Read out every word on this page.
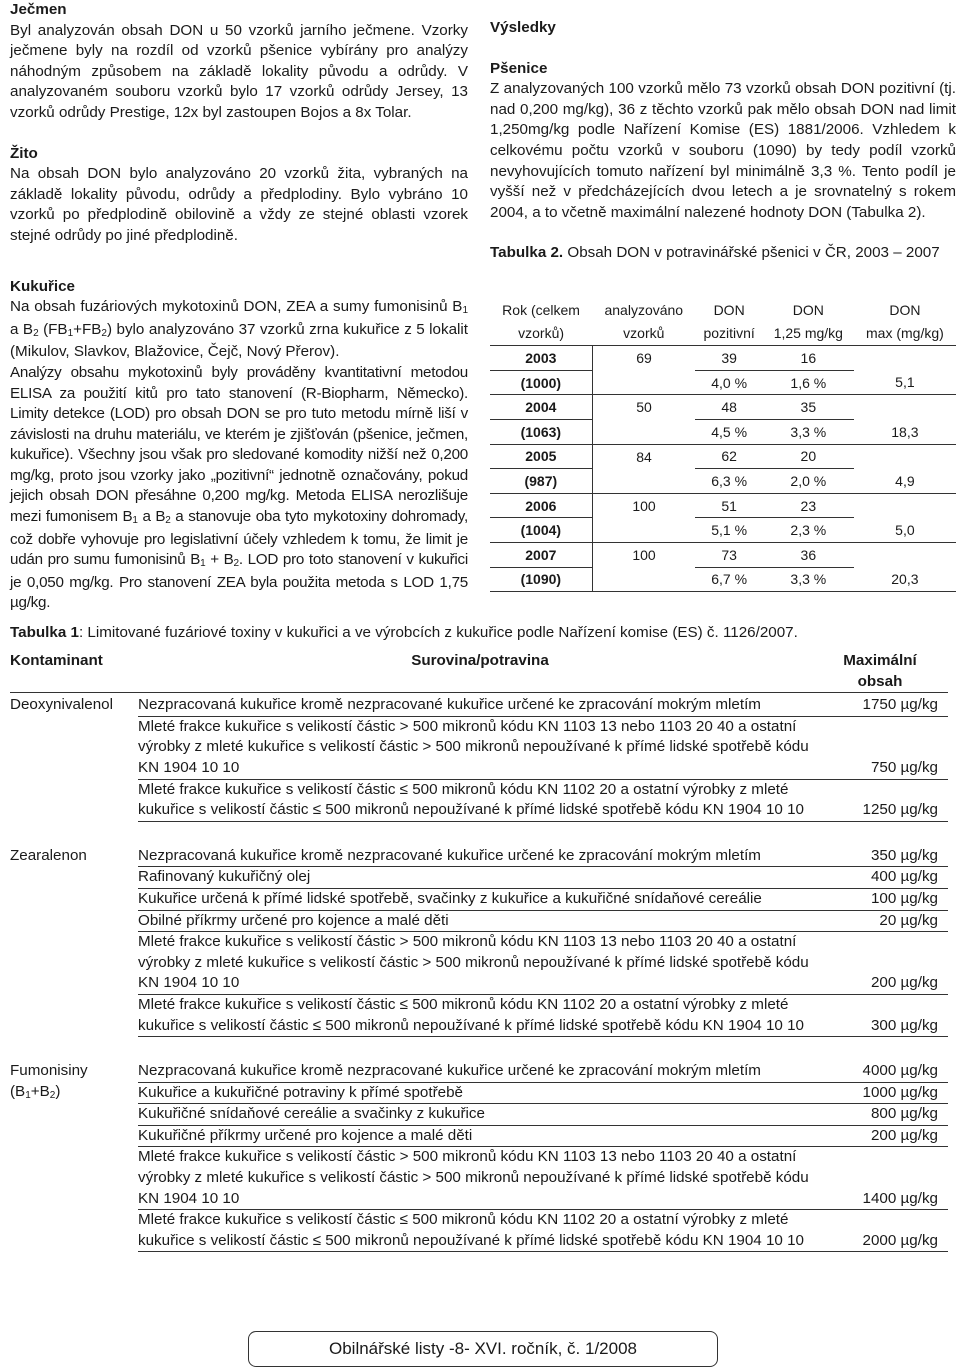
Ječmen

Byl analyzován obsah DON u 50 vzorků jarního ječmene. Vzorky ječmene byly na rozdíl od vzorků pšenice vybírány pro analýzy náhodným způsobem na základě lokality původu a odrůdy. V analyzovaném souboru vzorků bylo 17 vzorků odrůdy Jersey, 13 vzorků odrůdy Prestige, 12x byl zastoupen Bojos a 8x Tolar.

Žito

Na obsah DON bylo analyzováno 20 vzorků žita, vybraných na základě lokality původu, odrůdy a předplodiny. Bylo vybráno 10 vzorků po předplodině obilovině a vždy ze stejné oblasti vzorek stejné odrůdy po jiné předplodině.

Kukuřice

Na obsah fuzáriových mykotoxinů DON, ZEA a sumy fumonisinů B1 a B2 (FB1+FB2) bylo analyzováno 37 vzorků zrna kukuřice z 5 lokalit (Mikulov, Slavkov, Blažovice, Čejč, Nový Přerov).

Analýzy obsahu mykotoxinů byly prováděny kvantitativní metodou ELISA za použití kitů pro tato stanovení (R-Biopharm, Německo). Limity detekce (LOD) pro obsah DON se pro tuto metodu mírně liší v závislosti na druhu materiálu, ve kterém je zjišťován (pšenice, ječmen, kukuřice). Všechny jsou však pro sledované komodity nižší než 0,200 mg/kg, proto jsou vzorky jako „pozitivní“ jednotně označovány, pokud jejich obsah DON přesáhne 0,200 mg/kg. Metoda ELISA nerozlišuje mezi fumonisem B1 a B2 a stanovuje oba tyto mykotoxiny dohromady, což dobře vyhovuje pro legislativní účely vzhledem k tomu, že limit je udán pro sumu fumonisinů B1 + B2. LOD pro toto stanovení v kukuřici je 0,050 mg/kg. Pro stanovení ZEA byla použita metoda s LOD 1,75 µg/kg.

Výsledky

Pšenice

Z analyzovaných 100 vzorků mělo 73 vzorků obsah DON pozitivní (tj. nad 0,200 mg/kg), 36 z těchto vzorků pak mělo obsah DON nad limit 1,250mg/kg podle Nařízení Komise (ES) 1881/2006. Vzhledem k celkovému počtu vzorků v souboru (1090) by tedy podíl vzorků nevyhovujících tomuto nařízení byl minimálně 3,3 %. Tento podíl je vyšší než v předcházejících dvou letech a je srovnatelný s rokem 2004, a to včetně maximální nalezené hodnoty DON (Tabulka 2).

Tabulka 2. Obsah DON v potravinářské pšenici v ČR, 2003 – 2007

Rok (celkem	analyzováno	DON	DON	DON
vzorků)	vzorků	pozitivní	1,25 mg/kg	max (mg/kg)
2003	69	39	16	
(1000)		4,0 %	1,6 %	5,1
2004	50	48	35	
(1063)		4,5 %	3,3 %	18,3
2005	84	62	20	
(987)		6,3 %	2,0 %	4,9
2006	100	51	23	
(1004)		5,1 %	2,3 %	5,0
2007	100	73	36	
(1090)		6,7 %	3,3 %	20,3
Tabulka 1: Limitované fuzáriové toxiny v kukuřici a ve výrobcích z kukuřice podle Nařízení komise (ES) č. 1126/2007.
Kontaminant	Surovina/potravina	Maximální obsah
Deoxynivalenol	Nezpracovaná kukuřice kromě nezpracované kukuřice určené ke zpracování mokrým mletím	1750 µg/kg
	Mleté frakce kukuřice s velikostí částic > 500 mikronů kódu KN 1103 13 nebo 1103 20 40 a ostatní výrobky z mleté kukuřice s velikostí částic > 500 mikronů nepoužívané k přímé lidské spotřebě kódu KN 1904 10 10	750 µg/kg
	Mleté frakce kukuřice s velikostí částic ≤ 500 mikronů kódu KN 1102 20 a ostatní výrobky z mleté kukuřice s velikostí částic ≤ 500 mikronů nepoužívané k přímé lidské spotřebě kódu KN 1904 10 10	1250 µg/kg

Zearalenon	Nezpracovaná kukuřice kromě nezpracované kukuřice určené ke zpracování mokrým mletím	350 µg/kg
	Rafinovaný kukuřičný olej	400 µg/kg
	Kukuřice určená k přímé lidské spotřebě, svačinky z kukuřice a kukuřičné snídaňové cereálie	100 µg/kg
	Obilné příkrmy určené pro kojence a malé děti	20 µg/kg
	Mleté frakce kukuřice s velikostí částic > 500 mikronů kódu KN 1103 13 nebo 1103 20 40 a ostatní výrobky z mleté kukuřice s velikostí částic > 500 mikronů nepoužívané k přímé lidské spotřebě kódu KN 1904 10 10	200 µg/kg
	Mleté frakce kukuřice s velikostí částic ≤ 500 mikronů kódu KN 1102 20 a ostatní výrobky z mleté kukuřice s velikostí částic ≤ 500 mikronů nepoužívané k přímé lidské spotřebě kódu KN 1904 10 10	300 µg/kg

Fumonisiny
(B1+B2)	Nezpracovaná kukuřice kromě nezpracované kukuřice určené ke zpracování mokrým mletím	4000 µg/kg
	Kukuřice a kukuřičné potraviny k přímé spotřebě	1000 µg/kg
	Kukuřičné snídaňové cereálie a svačinky z kukuřice	800 µg/kg
	Kukuřičné příkrmy určené pro kojence a malé děti	200 µg/kg
	Mleté frakce kukuřice s velikostí částic > 500 mikronů kódu KN 1103 13 nebo 1103 20 40 a ostatní výrobky z mleté kukuřice s velikostí částic > 500 mikronů nepoužívané k přímé lidské spotřebě kódu KN 1904 10 10	1400 µg/kg
	Mleté frakce kukuřice s velikostí částic ≤ 500 mikronů kódu KN 1102 20 a ostatní výrobky z mleté kukuřice s velikostí částic ≤ 500 mikronů nepoužívané k přímé lidské spotřebě kódu KN 1904 10 10	2000 µg/kg
Obilnářské listy -8- XVI. ročník, č. 1/2008
